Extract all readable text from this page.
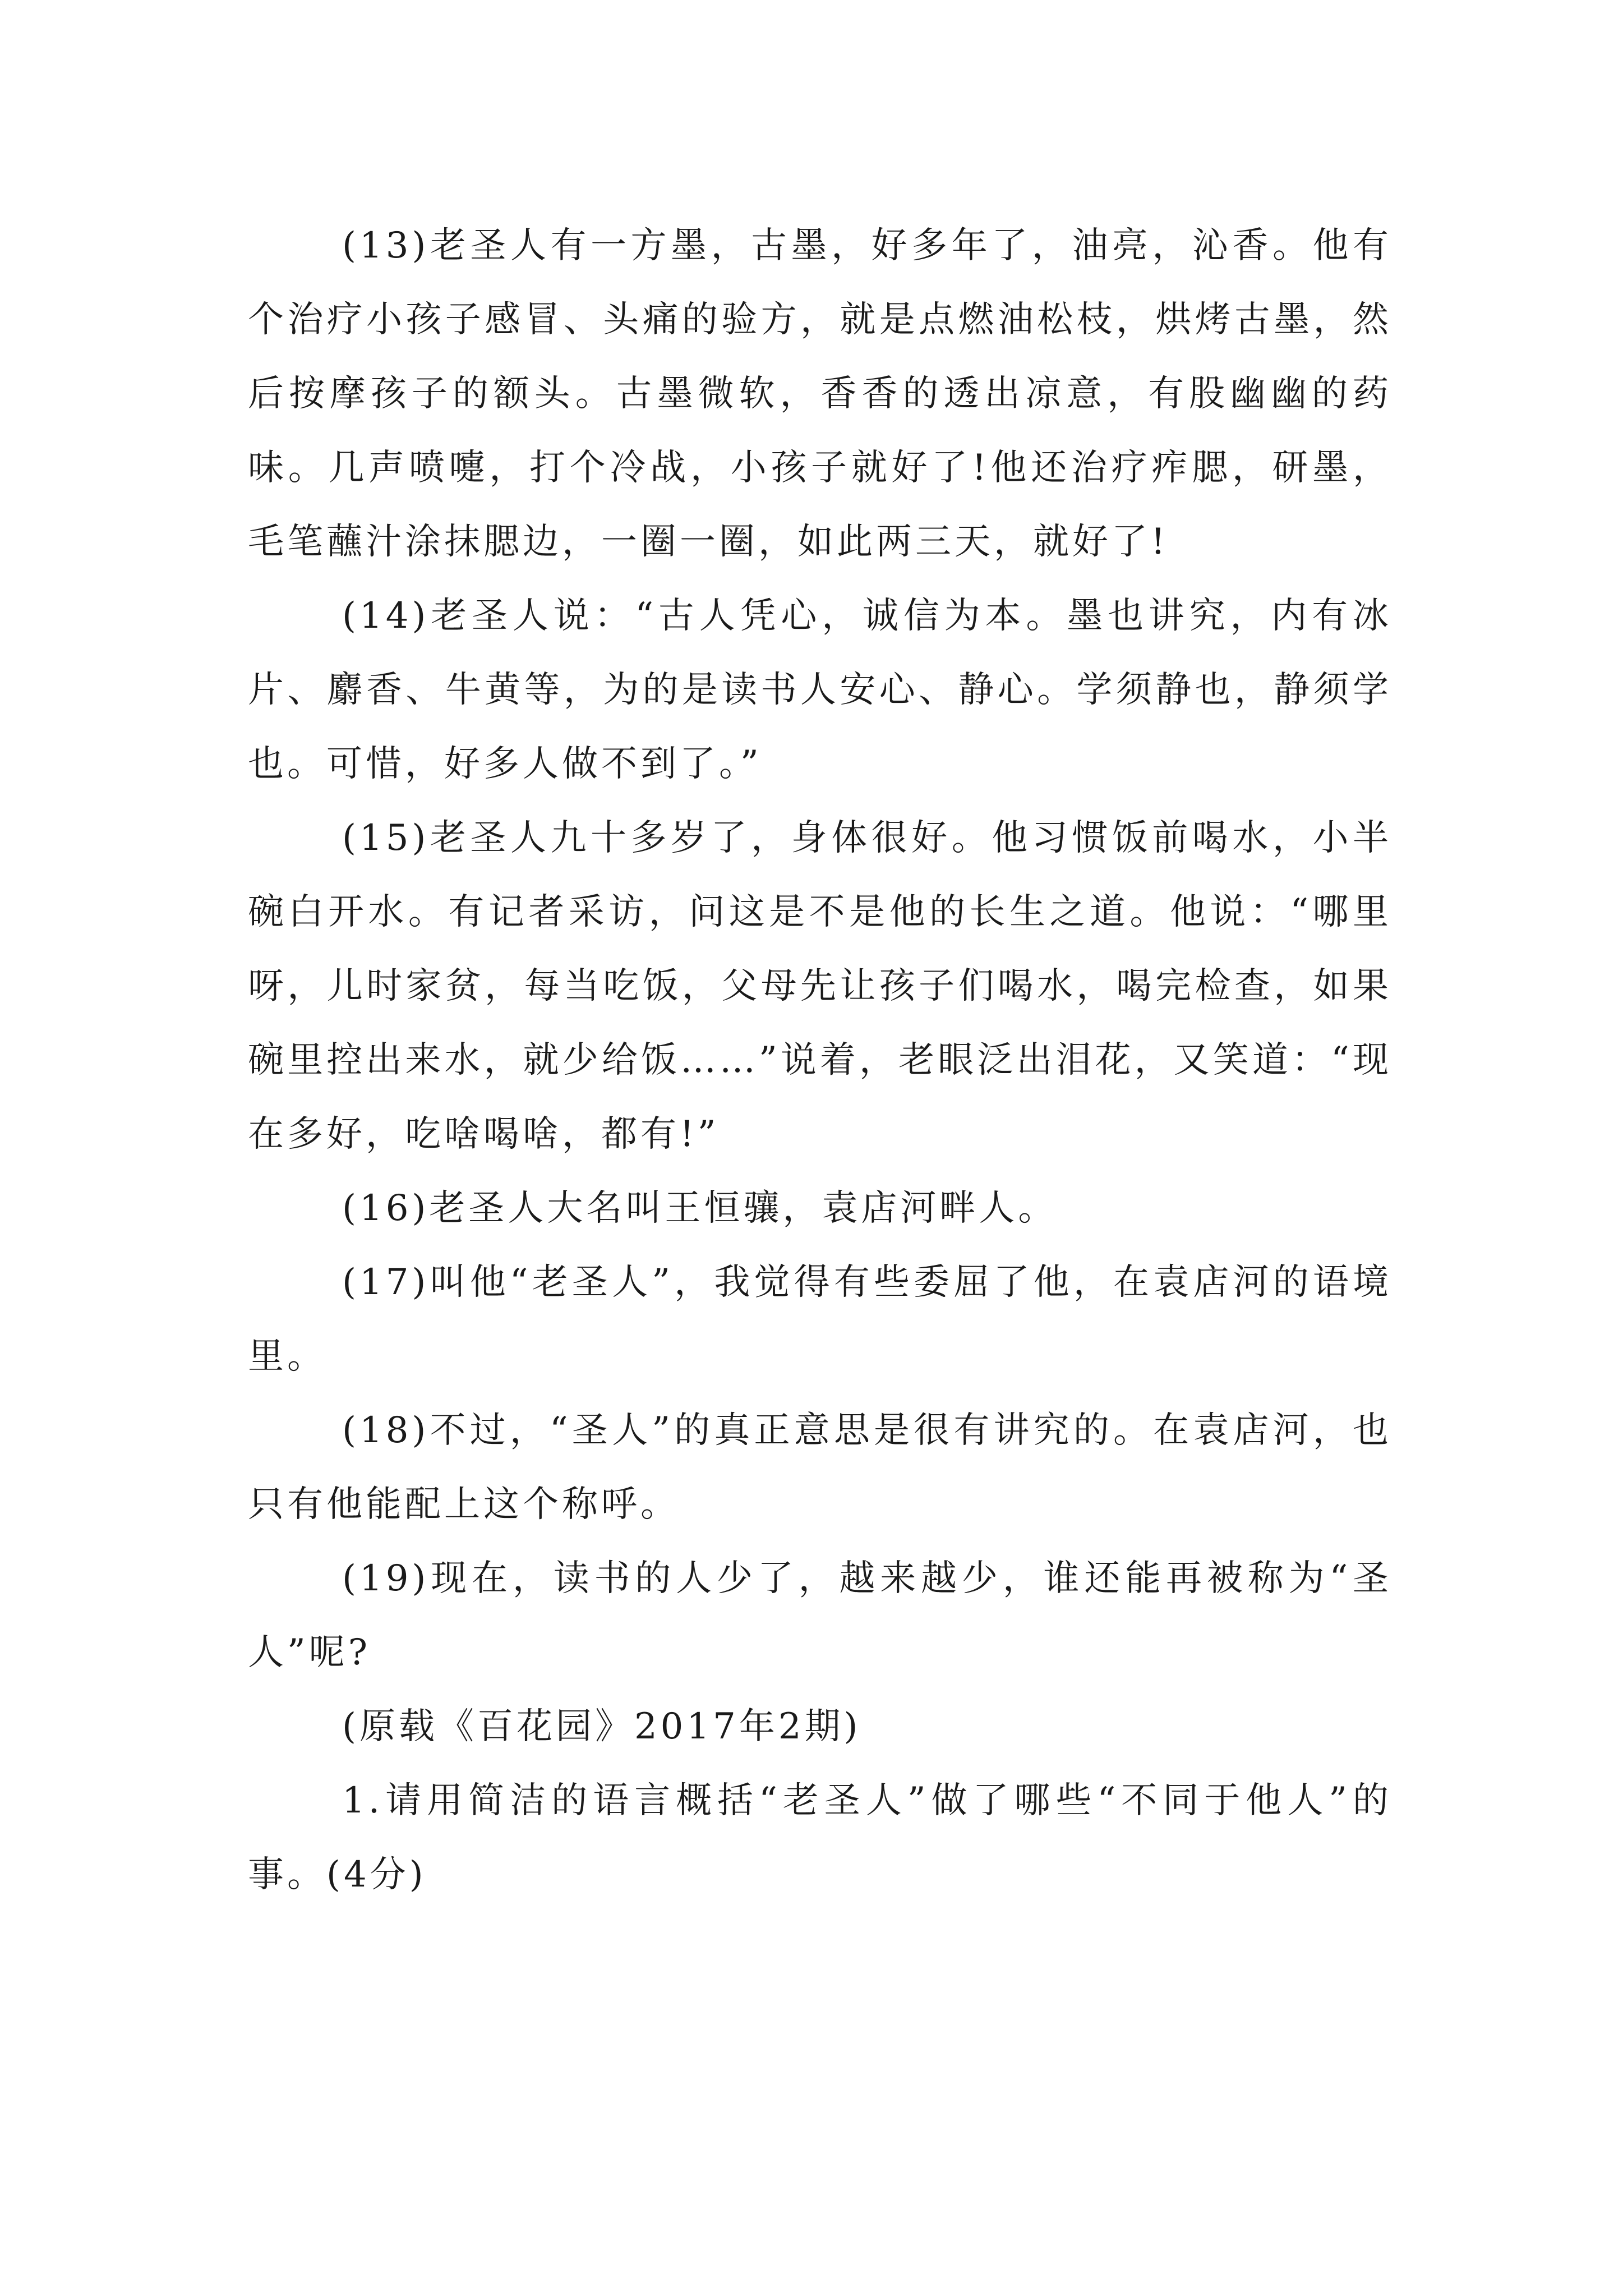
(13)老圣人有一方墨，古墨，好多年了，油亮，沁香。他有个治疗小孩子感冒、头痛的验方，就是点燃油松枝，烘烤古墨，然后按摩孩子的额头。古墨微软，香香的透出凉意，有股幽幽的药味。几声喷嚏，打个冷战，小孩子就好了!他还治疗痄腮，研墨，毛笔蘸汁涂抹腮边，一圈一圈，如此两三天，就好了!

(14)老圣人说：“古人凭心，诚信为本。墨也讲究，内有冰片、麝香、牛黄等，为的是读书人安心、静心。学须静也，静须学也。可惜，好多人做不到了。”

(15)老圣人九十多岁了，身体很好。他习惯饭前喝水，小半碗白开水。有记者采访，问这是不是他的长生之道。他说：“哪里呀，儿时家贫，每当吃饭，父母先让孩子们喝水，喝完检查，如果碗里控出来水，就少给饭……”说着，老眼泛出泪花，又笑道：“现在多好，吃啥喝啥，都有!”

(16)老圣人大名叫王恒骧，袁店河畔人。

(17)叫他“老圣人”，我觉得有些委屈了他，在袁店河的语境里。

(18)不过，“圣人”的真正意思是很有讲究的。在袁店河，也只有他能配上这个称呼。

(19)现在，读书的人少了，越来越少，谁还能再被称为“圣人”呢?

(原载《百花园》2017年2期)

1.请用简洁的语言概括“老圣人”做了哪些“不同于他人”的事。(4分)
